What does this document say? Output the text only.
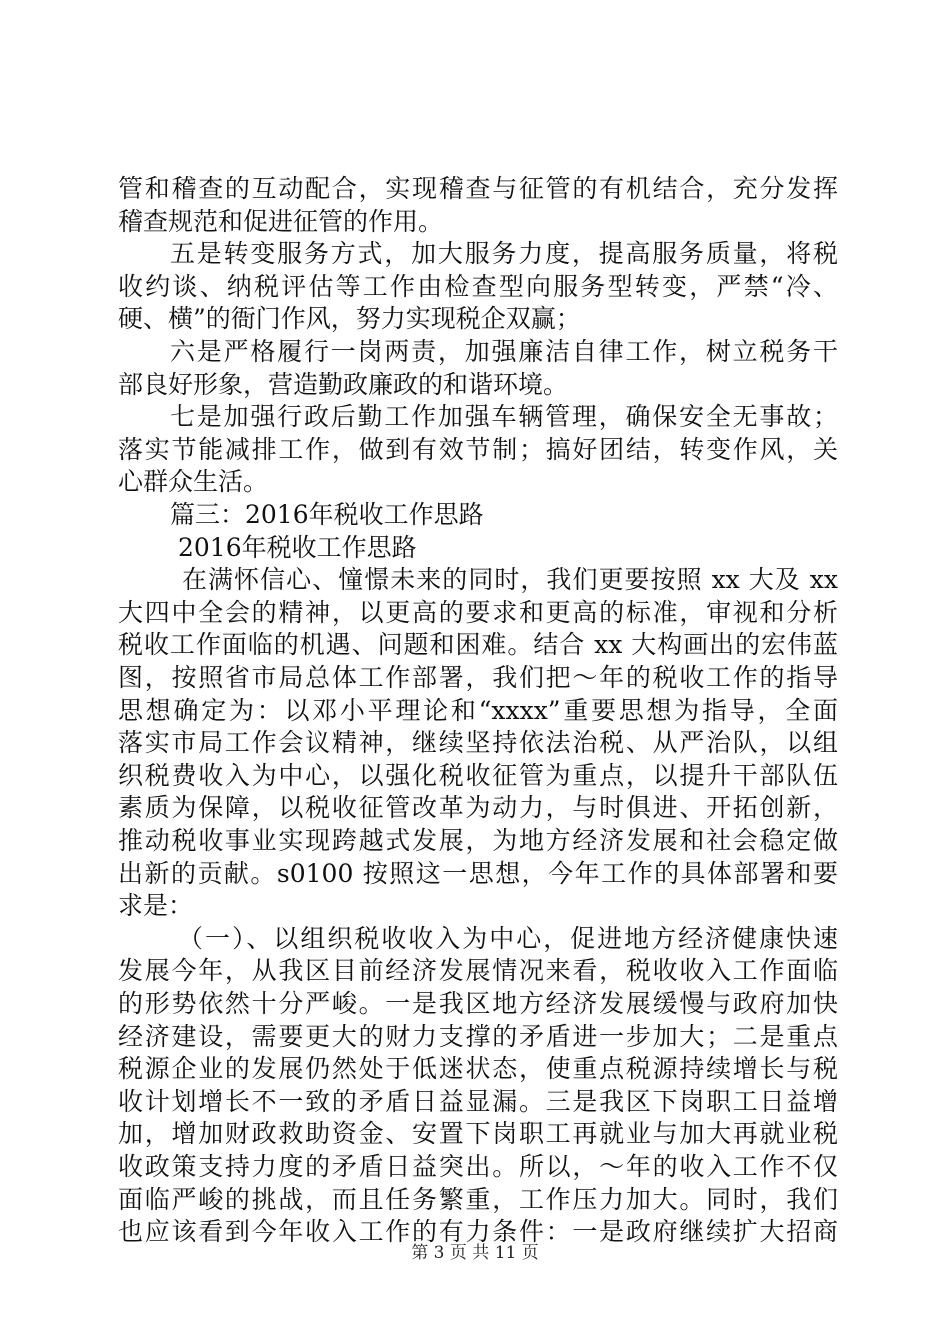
管和稽查的互动配合，实现稽查与征管的有机结合，充分发挥
稽查规范和促进征管的作用。
五是转变服务方式，加大服务力度，提高服务质量，将税
收约谈、纳税评估等工作由检查型向服务型转变，严禁“冷、
硬、横”的衙门作风，努力实现税企双赢；
六是严格履行一岗两责，加强廉洁自律工作，树立税务干
部良好形象，营造勤政廉政的和谐环境。
七是加强行政后勤工作加强车辆管理，确保安全无事故；
落实节能减排工作，做到有效节制；搞好团结，转变作风，关
心群众生活。
篇三：2016年税收工作思路
2016年税收工作思路
在满怀信心、憧憬未来的同时，我们更要按照 xx 大及 xx
大四中全会的精神，以更高的要求和更高的标准，审视和分析
税收工作面临的机遇、问题和困难。结合 xx 大构画出的宏伟蓝
图，按照省市局总体工作部署，我们把～年的税收工作的指导
思想确定为：以邓小平理论和“xxxx”重要思想为指导，全面
落实市局工作会议精神，继续坚持依法治税、从严治队，以组
织税费收入为中心，以强化税收征管为重点，以提升干部队伍
素质为保障，以税收征管改革为动力，与时俱进、开拓创新，
推动税收事业实现跨越式发展，为地方经济发展和社会稳定做
出新的贡献。s0100 按照这一思想，今年工作的具体部署和要
求是：
（一）、以组织税收收入为中心，促进地方经济健康快速
发展今年，从我区目前经济发展情况来看，税收收入工作面临
的形势依然十分严峻。一是我区地方经济发展缓慢与政府加快
经济建设，需要更大的财力支撑的矛盾进一步加大；二是重点
税源企业的发展仍然处于低迷状态，使重点税源持续增长与税
收计划增长不一致的矛盾日益显漏。三是我区下岗职工日益增
加，增加财政救助资金、安置下岗职工再就业与加大再就业税
收政策支持力度的矛盾日益突出。所以，～年的收入工作不仅
面临严峻的挑战，而且任务繁重，工作压力加大。同时，我们
也应该看到今年收入工作的有力条件：一是政府继续扩大招商
第 3 页 共 11 页
